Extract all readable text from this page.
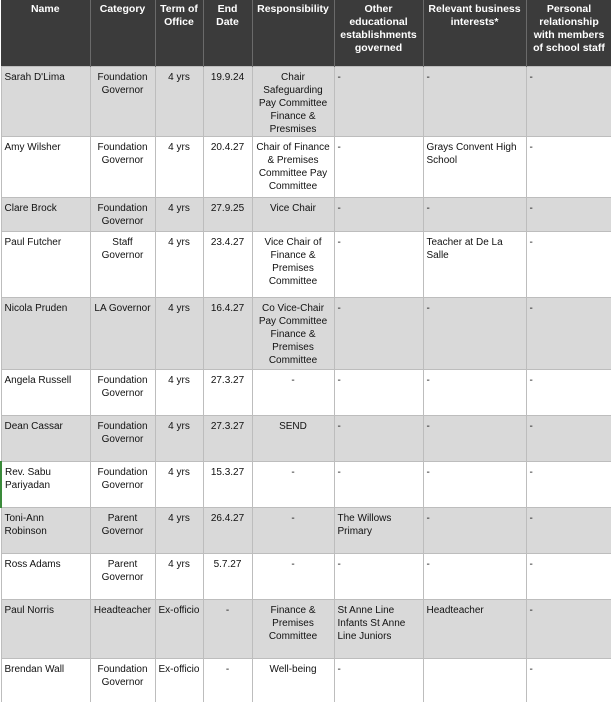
Name	Category	Term of Office	End Date	Responsibility	Other educational establishments governed	Relevant business interests*	Personal relationship with members of school staff
Sarah D'Lima	Foundation Governor	4 yrs	19.9.24	Chair Safeguarding Pay Committee Finance & Presmises	-	-	-
Amy Wilsher	Foundation Governor	4 yrs	20.4.27	Chair of Finance & Premises Committee Pay Committee	-	Grays Convent High School	-
Clare Brock	Foundation Governor	4 yrs	27.9.25	Vice Chair	-	-	-
Paul Futcher	Staff Governor	4 yrs	23.4.27	Vice Chair of Finance & Premises Committee	-	Teacher at De La Salle	-
Nicola Pruden	LA Governor	4 yrs	16.4.27	Co Vice-Chair Pay Committee Finance & Premises Committee	-	-	-
Angela Russell	Foundation Governor	4 yrs	27.3.27	-	-	-	-
Dean Cassar	Foundation Governor	4 yrs	27.3.27	SEND	-	-	-
Rev. Sabu Pariyadan	Foundation Governor	4 yrs	15.3.27	-	-	-	-
Toni-Ann Robinson	Parent Governor	4 yrs	26.4.27	-	The Willows Primary	-	-
Ross Adams	Parent Governor	4 yrs	5.7.27	-	-	-	-
Paul Norris	Headteacher	Ex-officio	-	Finance & Premises Committee	St Anne Line Infants St Anne Line Juniors	Headteacher	-
Brendan Wall	Foundation Governor	Ex-officio	-	Well-being	-		-
